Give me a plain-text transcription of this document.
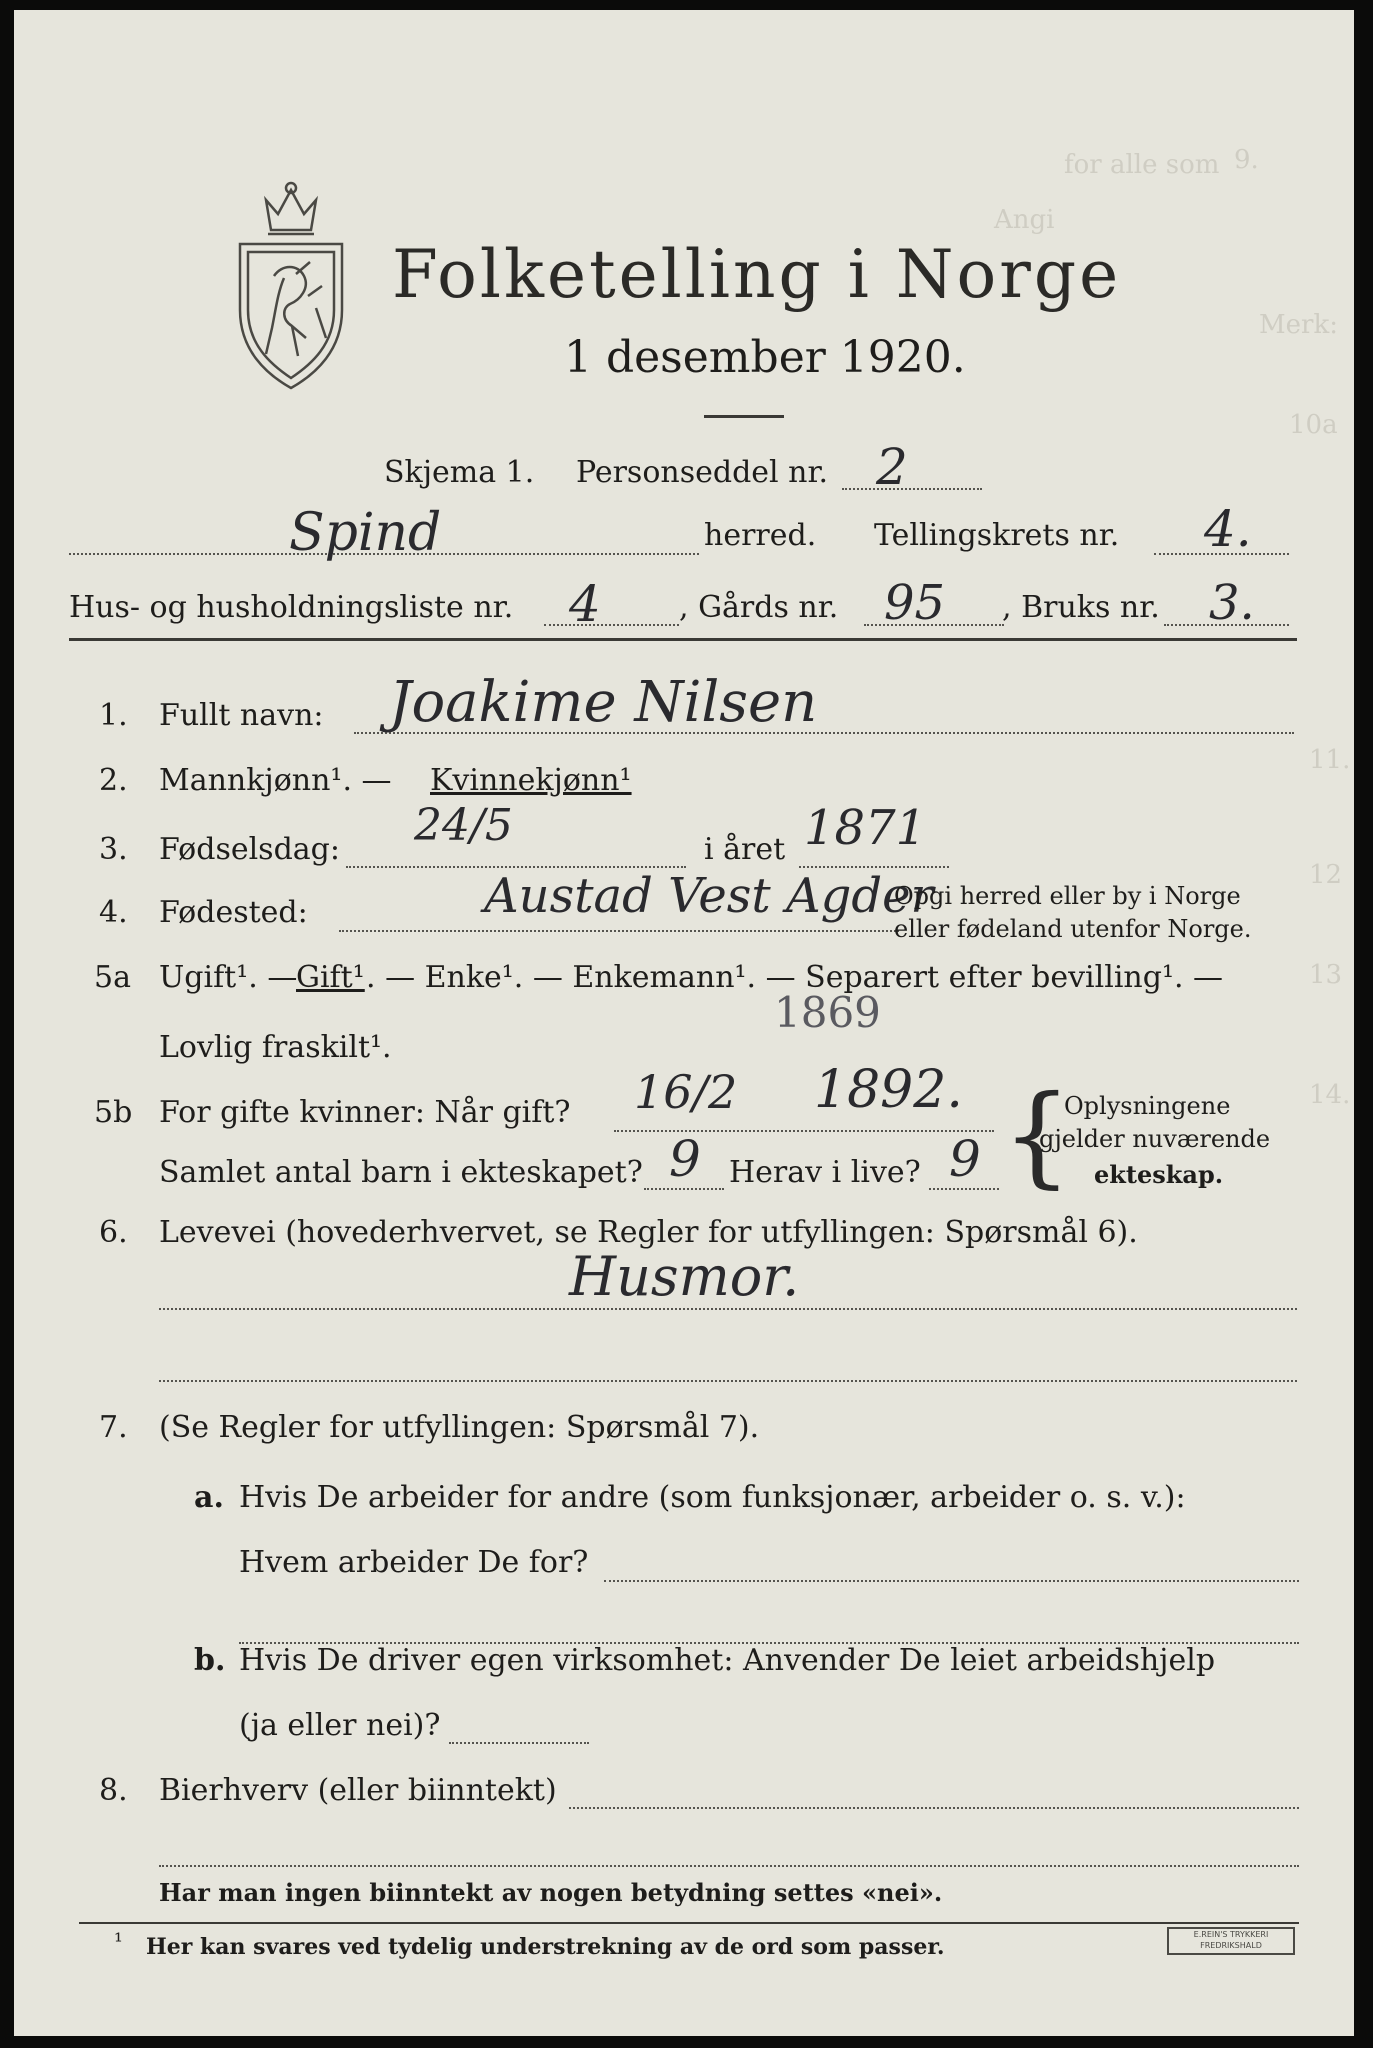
9.
for alle som
Angi
Merk:
10a
11.
12
13
14.
Folketelling i Norge
1 desember 1920.
Skjema 1. Personseddel nr. 2
Spind	herred. Tellingskrets nr. 4.
Hus- og husholdningsliste nr. 4	, Gårds nr. 95 , Bruks nr. 3.
1. Fullt navn: Joakime Nilsen
2. Mannkjønn¹. — Kvinnekjønn¹
3. Fødselsdag: 24/5	i året 1871
4. Fødested:	Austad Vest Agder
Opgi herred eller by i Norge
eller fødeland utenfor Norge.
5a Ugift¹. —
Gift¹ . — Enke¹. — Enkemann¹. — Separert efter bevilling¹. —
Lovlig fraskilt¹.
1869
5b For gifte kvinner: Når gift? 16/2 1892.
Samlet antal barn i ekteskapet? 9 Herav i live? 9 {
Oplysningene
gjelder nuværende
ekteskap.
6. Levevei (hovederhvervet, se Regler for utfyllingen: Spørsmål 6).
Husmor.
7. (Se Regler for utfyllingen: Spørsmål 7).
a. Hvis De arbeider for andre (som funksjonær, arbeider o. s. v.):
Hvem arbeider De for?
b. Hvis De driver egen virksomhet: Anvender De leiet arbeidshjelp
(ja eller nei)?
8. Bierhverv (eller biinntekt)
Har man ingen biinntekt av nogen betydning settes «nei».
¹ Her kan svares ved tydelig understrekning av de ord som passer.	E.REIN'S TRYKKERI FREDRIKSHALD
